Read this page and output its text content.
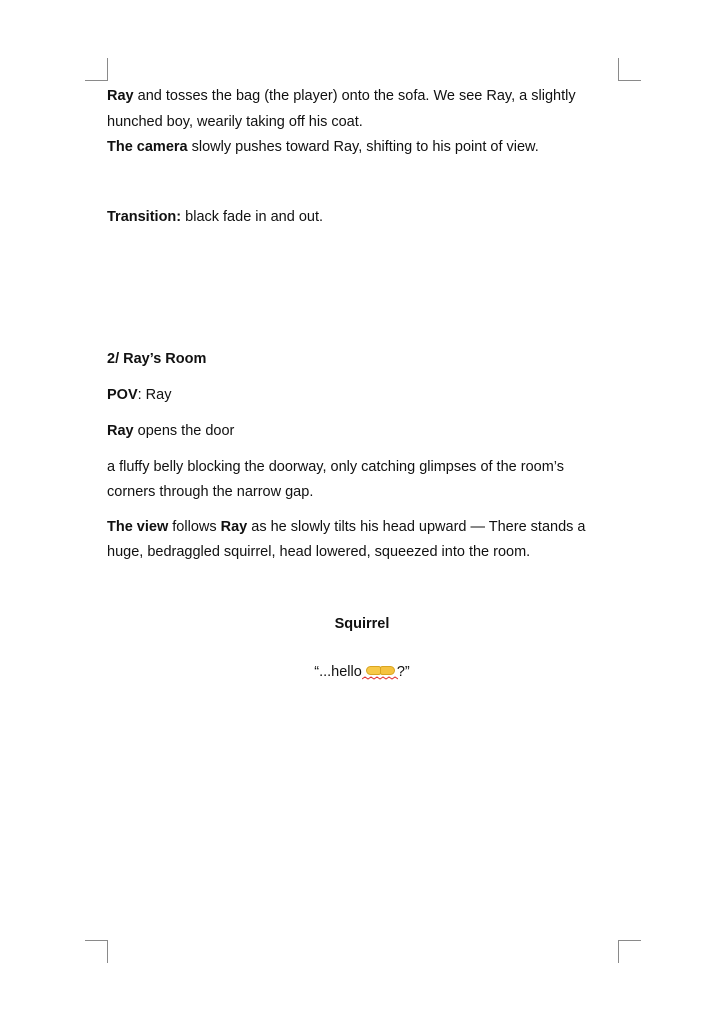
Ray and tosses the bag (the player) onto the sofa. We see Ray, a slightly
hunched boy, wearily taking off his coat.
The camera slowly pushes toward Ray, shifting to his point of view.
Transition: black fade in and out.
2/ Ray’s Room
POV: Ray
Ray opens the door
a fluffy belly blocking the doorway, only catching glimpses of the room’s
corners through the narrow gap.
The view follows Ray as he slowly tilts his head upward — There stands a
huge, bedraggled squirrel, head lowered, squeezed into the room.
Squirrel
“...hello ?”
